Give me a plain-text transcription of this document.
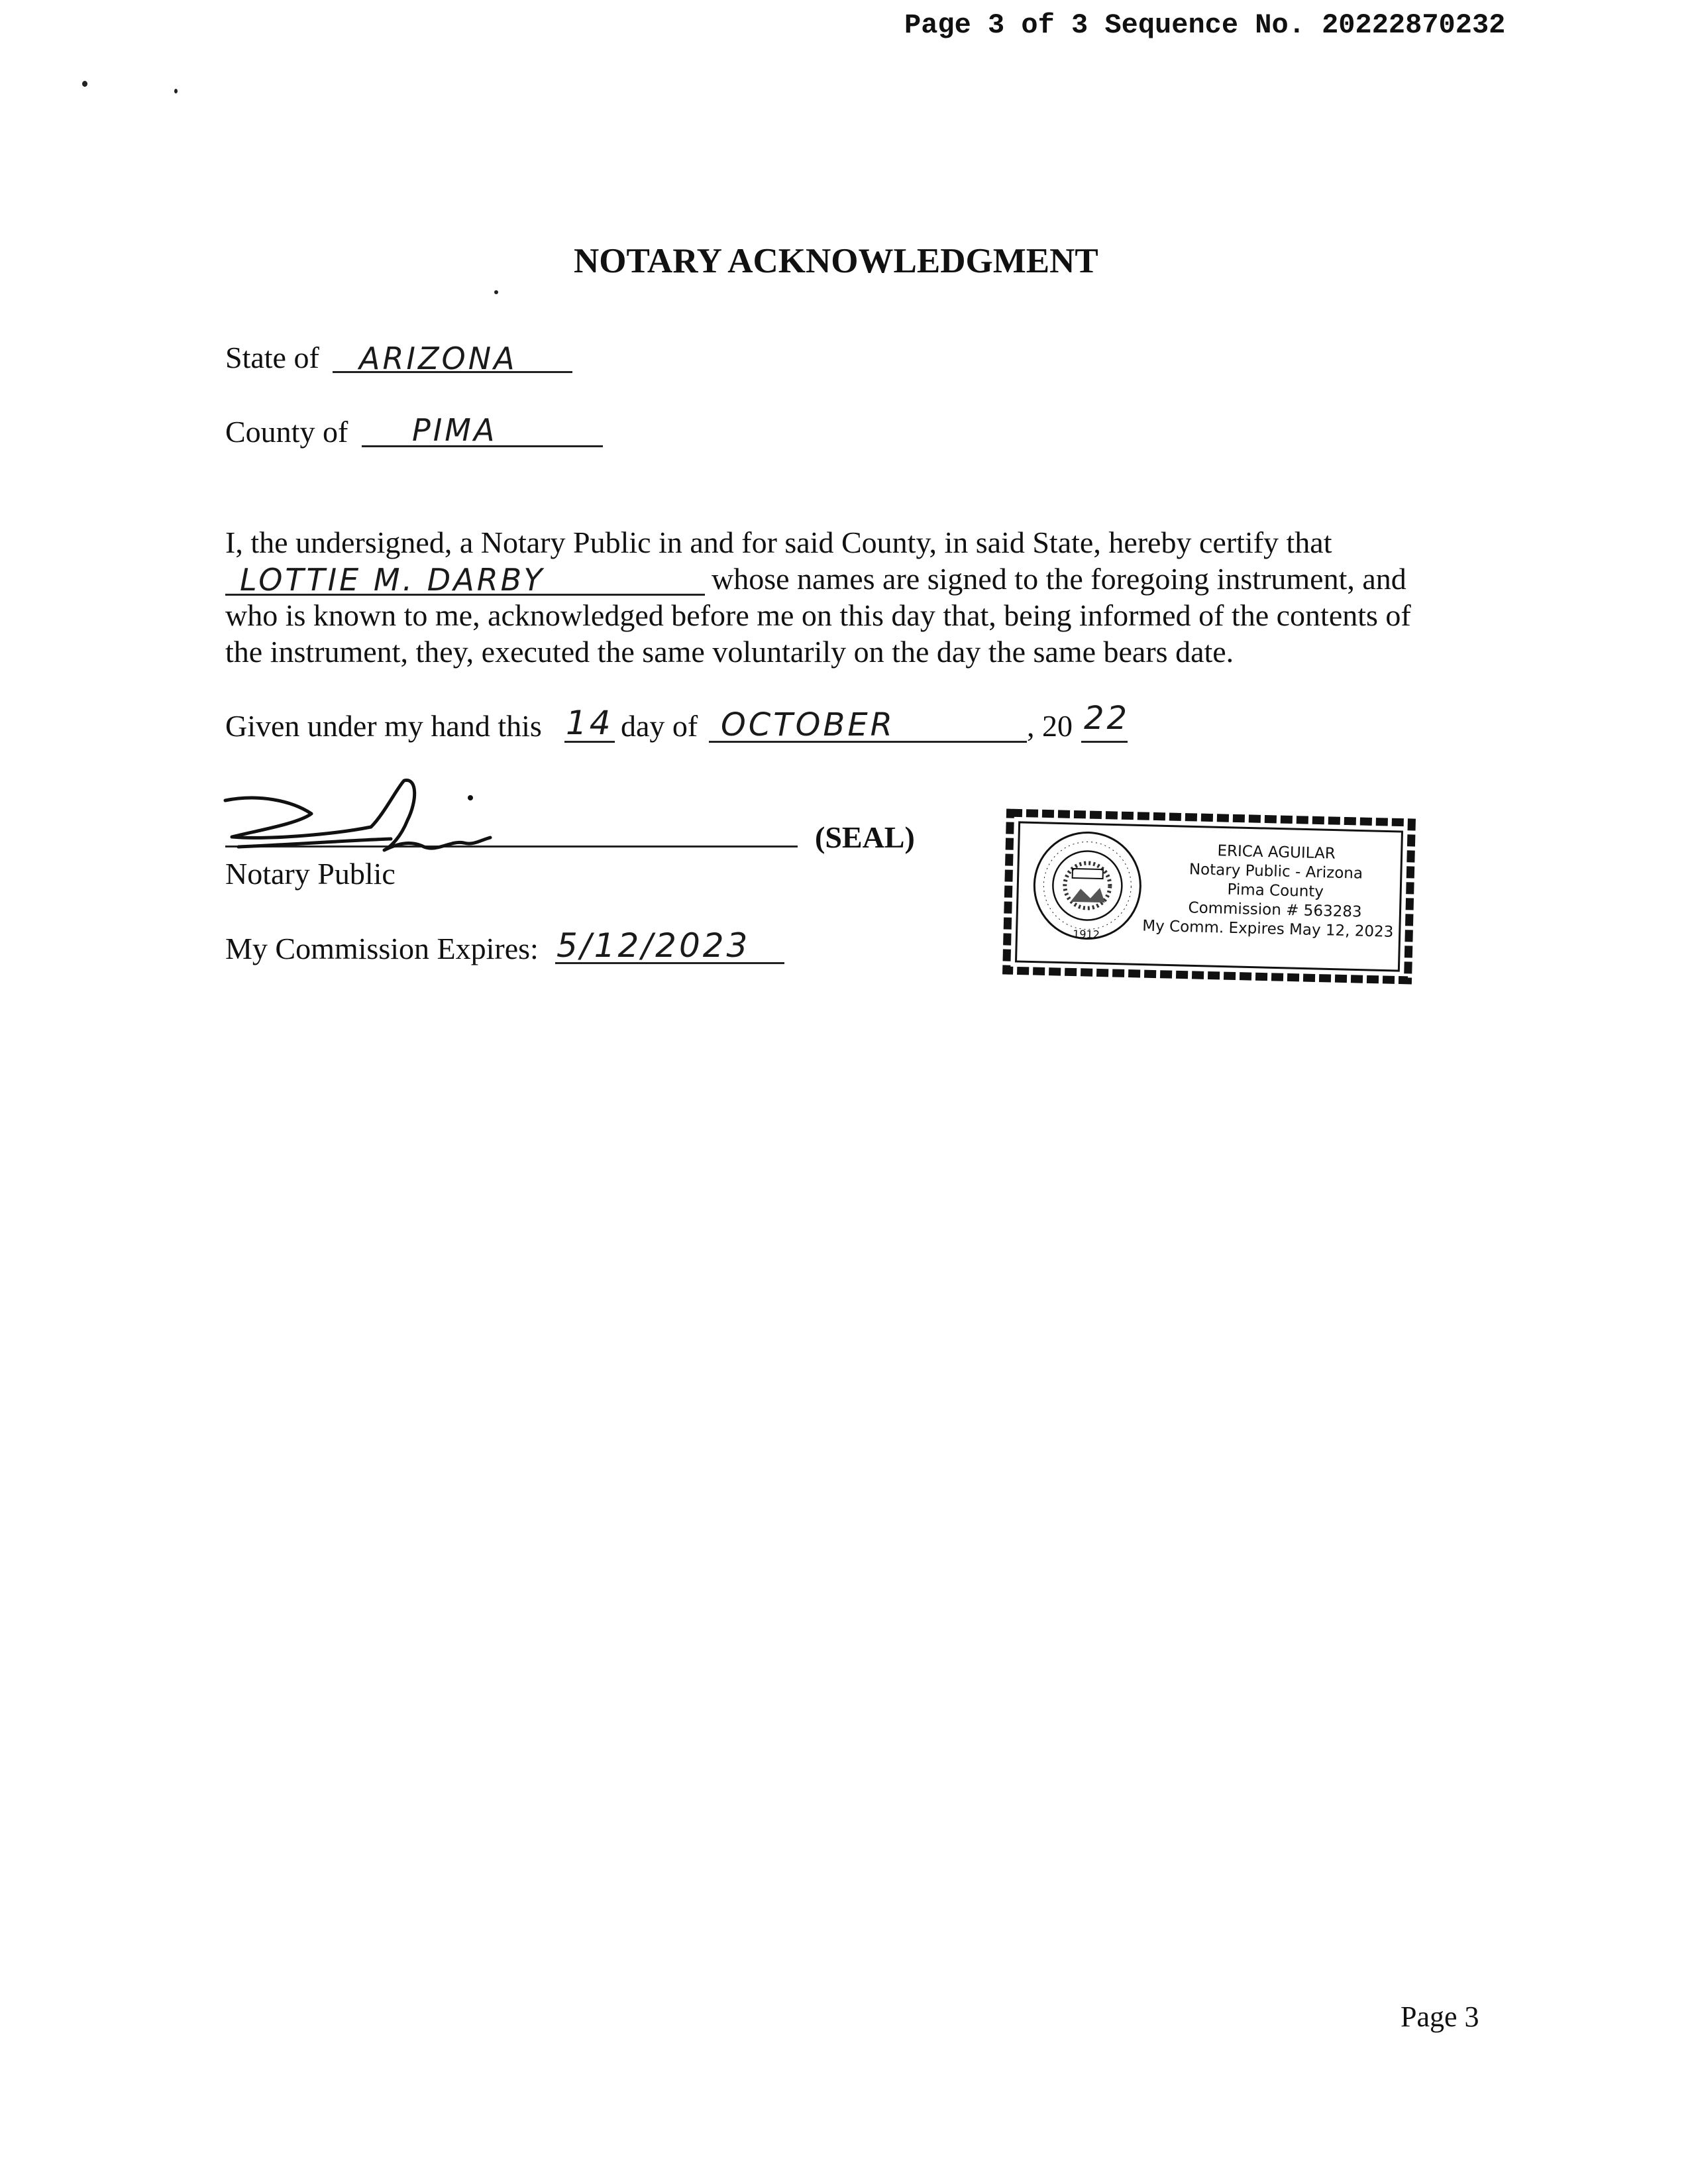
Page 3 of 3 Sequence No. 20222870232
NOTARY ACKNOWLEDGMENT
State of ARIZONA
County of PIMA
I, the undersigned, a Notary Public in and for said County, in said State, hereby certify that
LOTTIE M. DARBY	whose names are signed to the foregoing instrument, and
who is known to me, acknowledged before me on this day that, being informed of the contents of
the instrument, they, executed the same voluntarily on the day the same bears date.
Given under my hand this 14 day of OCTOBER	, 20 22
(SEAL)
Notary Public
My Commission Expires: 5/12/2023	1912
ERICA AGUILAR
Notary Public - Arizona
Pima County
Commission # 563283
My Comm. Expires May 12, 2023
Page 3
